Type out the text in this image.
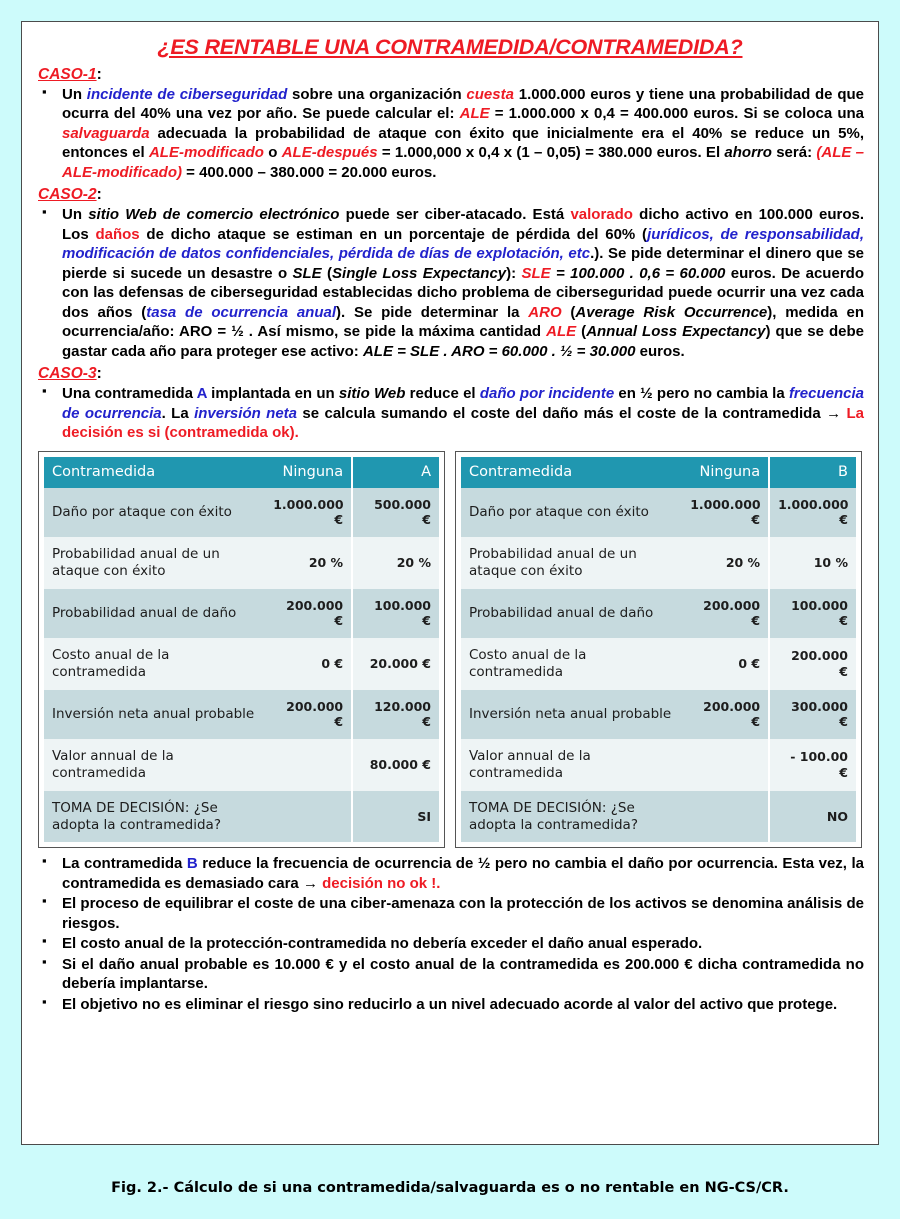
¿ES RENTABLE UNA CONTRAMEDIDA/CONTRAMEDIDA?
CASO-1:
▪ Un incidente de ciberseguridad sobre una organización cuesta 1.000.000 euros y tiene una probabilidad de que ocurra del 40% una vez por año. Se puede calcular el: ALE = 1.000.000 x 0,4 = 400.000 euros. Si se coloca una salvaguarda adecuada la probabilidad de ataque con éxito que inicialmente era el 40% se reduce un 5%, entonces el ALE-modificado o ALE-después = 1.000,000 x 0,4 x (1 – 0,05) = 380.000 euros. El ahorro será: (ALE – ALE-modificado) = 400.000 – 380.000 = 20.000 euros.
CASO-2:
▪ Un sitio Web de comercio electrónico puede ser ciber-atacado. Está valorado dicho activo en 100.000 euros. Los daños de dicho ataque se estiman en un porcentaje de pérdida del 60% (jurídicos, de responsabilidad, modificación de datos confidenciales, pérdida de días de explotación, etc.). Se pide determinar el dinero que se pierde si sucede un desastre o SLE (Single Loss Expectancy): SLE = 100.000 . 0,6 = 60.000 euros. De acuerdo con las defensas de ciberseguridad establecidas dicho problema de ciberseguridad puede ocurrir una vez cada dos años (tasa de ocurrencia anual). Se pide determinar la ARO (Average Risk Occurrence), medida en ocurrencia/año: ARO = ½ . Así mismo, se pide la máxima cantidad ALE (Annual Loss Expectancy) que se debe gastar cada año para proteger ese activo: ALE = SLE . ARO = 60.000 . ½ = 30.000 euros.
CASO-3:
▪ Una contramedida A implantada en un sitio Web reduce el daño por incidente en ½ pero no cambia la frecuencia de ocurrencia. La inversión neta se calcula sumando el coste del daño más el coste de la contramedida → La decisión es si (contramedida ok).
Contramedida	Ninguna	A
Daño por ataque con éxito	1.000.000 €	500.000 €
Probabilidad anual de un ataque con éxito	20 %	20 %
Probabilidad anual de daño	200.000 €	100.000 €
Costo anual de la contramedida	0 €	20.000 €
Inversión neta anual probable	200.000 €	120.000 €
Valor annual de la contramedida		80.000 €
TOMA DE DECISIÓN: ¿Se adopta la contramedida?		SI
Contramedida	Ninguna	B
Daño por ataque con éxito	1.000.000 €	1.000.000 €
Probabilidad anual de un ataque con éxito	20 %	10 %
Probabilidad anual de daño	200.000 €	100.000 €
Costo anual de la contramedida	0 €	200.000 €
Inversión neta anual probable	200.000 €	300.000 €
Valor annual de la contramedida		- 100.00 €
TOMA DE DECISIÓN: ¿Se adopta la contramedida?		NO
▪ La contramedida B reduce la frecuencia de ocurrencia de ½ pero no cambia el daño por ocurrencia. Esta vez, la contramedida es demasiado cara → decisión no ok !.
▪ El proceso de equilibrar el coste de una ciber-amenaza con la protección de los activos se denomina análisis de riesgos.
▪ El costo anual de la protección-contramedida no debería exceder el daño anual esperado.
▪ Si el daño anual probable es 10.000 € y el costo anual de la contramedida es 200.000 € dicha contramedida no debería implantarse.
▪ El objetivo no es eliminar el riesgo sino reducirlo a un nivel adecuado acorde al valor del activo que protege.
Fig. 2.- Cálculo de si una contramedida/salvaguarda es o no rentable en NG-CS/CR.
